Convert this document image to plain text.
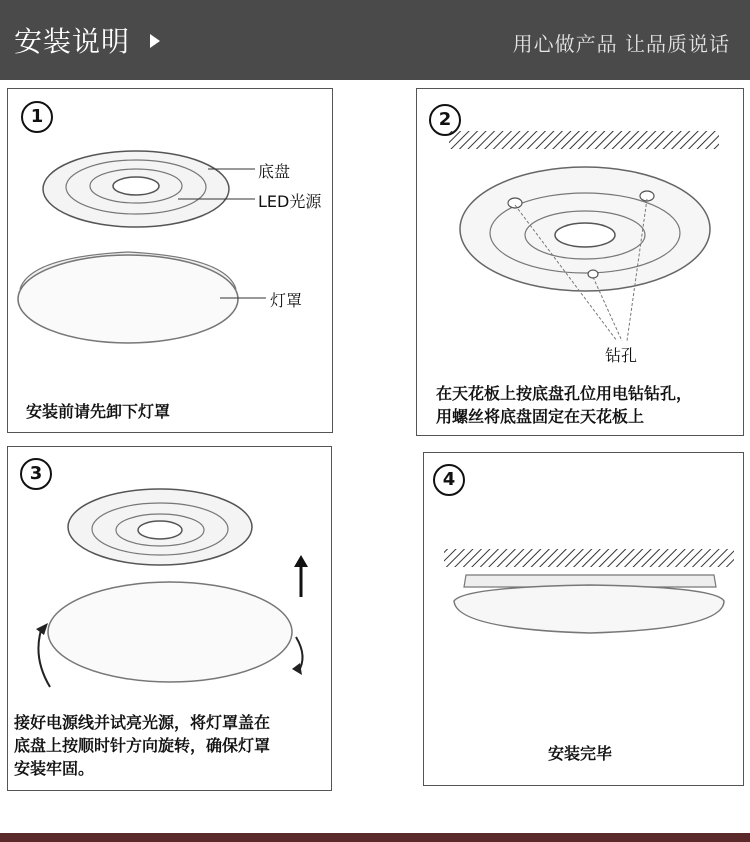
安装说明	用心做产品 让品质说话
1
底盘
LED光源
灯罩
安装前请先卸下灯罩
2
钻孔
在天花板上按底盘孔位用电钻钻孔，
用螺丝将底盘固定在天花板上
3
接好电源线并试亮光源，将灯罩盖在
底盘上按顺时针方向旋转，确保灯罩
安装牢固。
4
安装完毕
